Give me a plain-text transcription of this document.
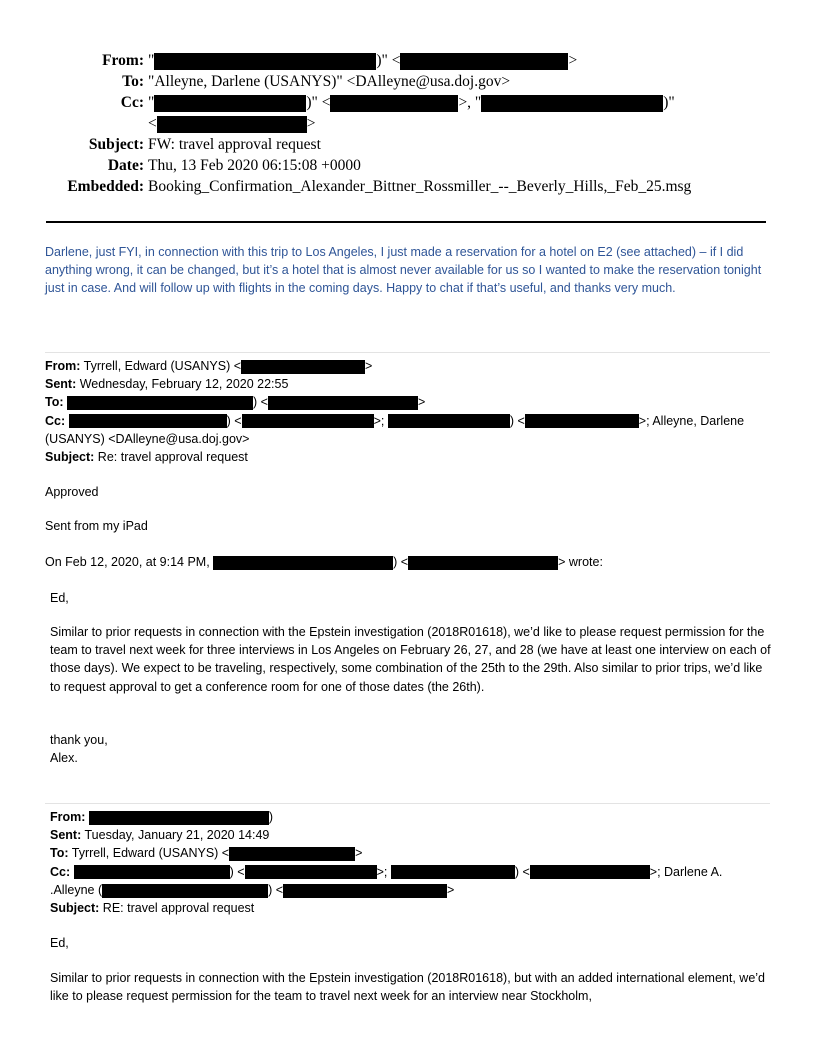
From: "	)" <	>
To: "Alleyne, Darlene (USANYS)" <DAlleyne@usa.doj.gov>
Cc: "	)" <	>, "	)"
<	>
Subject: FW: travel approval request
Date: Thu, 13 Feb 2020 06:15:08 +0000
Embedded: Booking_Confirmation_Alexander_Bittner_Rossmiller_--_Beverly_Hills,_Feb_25.msg
Darlene, just FYI, in connection with this trip to Los Angeles, I just made a reservation for a hotel on E2 (see attached) – if I did anything wrong, it can be changed, but it’s a hotel that is almost never available for us so I wanted to make the reservation tonight just in case. And will follow up with flights in the coming days. Happy to chat if that’s useful, and thanks very much.
From: Tyrrell, Edward (USANYS) <	>
Sent: Wednesday, February 12, 2020 22:55
To:	) <	>
Cc:	) <	>;	) <	>; Alleyne, Darlene
(USANYS) <DAlleyne@usa.doj.gov>
Subject: Re: travel approval request
Approved
Sent from my iPad
On Feb 12, 2020, at 9:14 PM,	) <	> wrote:
Ed,
Similar to prior requests in connection with the Epstein investigation (2018R01618), we’d like to please request permission for the team to travel next week for three interviews in Los Angeles on February 26, 27, and 28 (we have at least one interview on each of those days). We expect to be traveling, respectively, some combination of the 25th to the 29th. Also similar to prior trips, we’d like to request approval to get a conference room for one of those dates (the 26th).
thank you,
Alex.
From:	)
Sent: Tuesday, January 21, 2020 14:49
To: Tyrrell, Edward (USANYS) <	>
Cc:	) <	>;	) <	>; Darlene A.
.Alleyne (	) <	>
Subject: RE: travel approval request
Ed,
Similar to prior requests in connection with the Epstein investigation (2018R01618), but with an added international element, we’d like to please request permission for the team to travel next week for an interview near Stockholm,
